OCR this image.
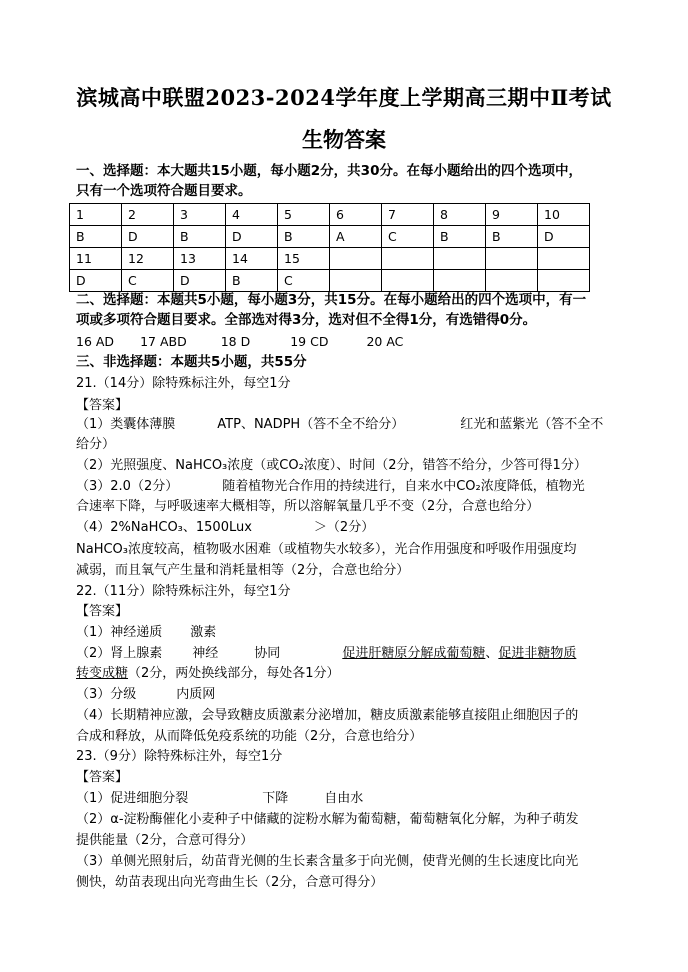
滨城高中联盟2023-2024学年度上学期高三期中Ⅱ考试
生物答案
一、选择题：本大题共15小题，每小题2分，共30分。在每小题给出的四个选项中，
只有一个选项符合题目要求。
1	2	3	4	5	6	7	8	9	10
B	D	B	D	B	A	C	B	B	D
11	12	13	14	15					
D	C	D	B	C					
二、选择题：本题共5小题，每小题3分，共15分。在每小题给出的四个选项中，有一
项或多项符合题目要求。全部选对得3分，选对但不全得1分，有选错得0分。
16 AD 17 ABD	18 D	19 CD	20 AC
三、非选择题：本题共5小题，共55分
21.（14分）除特殊标注外，每空1分
【答案】
（1）类囊体薄膜	ATP、NADPH（答不全不给分）	红光和蓝紫光（答不全不
给分）
（2）光照强度、NaHCO₃浓度（或CO₂浓度）、时间（2分，错答不给分，少答可得1分）
（3）2.0（2分）	随着植物光合作用的持续进行，自来水中CO₂浓度降低，植物光
合速率下降，与呼吸速率大概相等，所以溶解氧量几乎不变（2分，合意也给分）
（4）2%NaHCO₃、1500Lux	＞（2分）
NaHCO₃浓度较高，植物吸水困难（或植物失水较多），光合作用强度和呼吸作用强度均
减弱，而且氧气产生量和消耗量相等（2分，合意也给分）
22.（11分）除特殊标注外，每空1分
【答案】
（1）神经递质 激素
（2）肾上腺素 神经	协同	促进肝糖原分解成葡萄糖、促进非糖物质
转变成糖（2分，两处换线部分，每处各1分）
（3）分级	内质网
（4）长期精神应激，会导致糖皮质激素分泌增加，糖皮质激素能够直接阻止细胞因子的
合成和释放，从而降低免疫系统的功能（2分，合意也给分）
23.（9分）除特殊标注外，每空1分
【答案】
（1）促进细胞分裂	下降	自由水
（2）α-淀粉酶催化小麦种子中储藏的淀粉水解为葡萄糖，葡萄糖氧化分解，为种子萌发
提供能量（2分，合意可得分）
（3）单侧光照射后，幼苗背光侧的生长素含量多于向光侧，使背光侧的生长速度比向光
侧快，幼苗表现出向光弯曲生长（2分，合意可得分）
